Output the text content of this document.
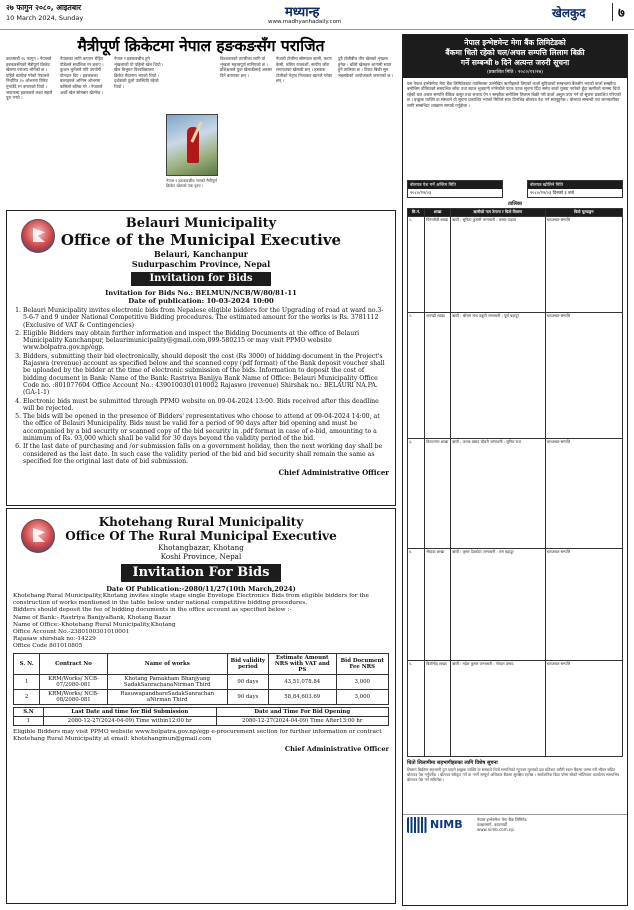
२७ फागुन २०८०, आइतबार
10 March 2024, Sunday	मध्यान्ह
www.madhyanhadaily.com
खेलकुद	७
मैत्रीपूर्ण क्रिकेटमा नेपाल हङकङसँग पराजित
काठमाडौं २६ फागुन । नेपालले हङकङसँगको मैत्रीपूर्ण क्रिकेट खेलमा पराजय भोगेको छ । पहिले ब्याटिङ गरेको नेपालले निर्धारित २० ओभरमा विकेट गुमाउँदै रन बनाएको थियो । जवाफमा हङकङले लक्ष्य सहजै पूरा गर्‍यो ।
नेपालका लागि कप्तान रोहित पौडेलले सर्वाधिक रन बनाए । कुशल भुर्तेलले पनि उपयोगी योगदान दिए । हङकङका बलरहरुले अन्तिम ओभरमा कसिलो बलिङ गरे । नेपालले अर्को खेल सोमबार खेल्नेछ ।
नेपाल र हङकङबीच हुने शृंखलाको यो पहिलो खेल थियो । खेल त्रिभुवन विश्वविद्यालय क्रिकेट मैदानमा भएको थियो । दर्शकको ठूलो उपस्थिति रहेको थियो ।
विश्वकपको तयारीका लागि यो शृंखला महत्त्वपूर्ण मानिएको छ । प्रशिक्षकले युवा खेलाडीलाई अवसर दिने बताएका छन् ।
नेपाली टोलीमा सोमपाल कामी, करण केसी, ललित राजवंशी, सन्दीप जोरा लगायतका खेलाडी छन् । हङकङ टोलीको नेतृत्व निजाकत खानले गरेका छन् ।
दुवै टोलीबीच तीन खेलको शृंखला हुनेछ । बाँकी खेलहरु आगामी साता हुने तालिका छ । टिकट बिक्री सुरु भइसकेको आयोजकले जनाएको छ ।
नेपाल र हङकङबीच भएको मैत्रीपूर्ण क्रिकेट खेलको एक दृश्य ।
Belauri Municipality
Office of the Municipal Executive
Belauri, Kanchanpur
Sudurpaschim Province, Nepal
Invitation for Bids
Invitation for Bids No.: BELMUN/NCB/W/80/81-11
Date of publication: 10-03-2024 10:00
1. Belauri Municipality invites electronic bids from Nepalese eligible bidders for the Upgrading of road at ward no.3-5-6-7 and 9 under National Competitive Bidding procedures. The estimated amount for the works is Rs. 3781112 (Exclusive of VAT & Contingencies)
2. Eligible Bidders may obtain further information and inspect the Bidding Documents at the office of Belauri Municipality Kanchanpur, belaurimunicipality@gmail.com,099-580215 or may visit PPMO website www.bolpatra.gov.np/egp.
3. Bidders, submitting their bid electronically, should deposit the cost (Rs 3000) of bidding document in the Project's Rajaswa (revenue) account as specified below and the scanned copy (pdf format) of the Bank deposit voucher shall be uploaded by the bidder at the time of electronic submission of the bids. Information to deposit the cost of bidding document in Bank: Name of the Bank: Rastriya Banijya Bank Name of Office: Belauri Municipality Office Code no. :801077604 Office Account No.: 4390100301010002 Rajaswo (revenue) Shirshak no.: BELAURI NA.PA. (GA-1-1)
4. Electronic bids must be submitted through PPMO website on 09-04-2024 13:00. Bids received after this deadline will be rejected.
5. The bids will be opened in the presence of Bidders' representatives who choose to attend at 09-04-2024 14:00, at the office of Belauri Municipality. Bids must be valid for a period of 90 days after bid opening and must be accompanied by a bid security or scanned copy of the bid security in .pdf format in case of e-bid, amounting to a minimum of Rs. 93,000 which shall be valid for 30 days beyond the validity period of the bid.
6. If the last date of purchasing and /or submission falls on a government holiday, then the next working day shall be considered as the last date. In such case the validity period of the bid and bid security shall remain the same as specified for the original last date of bid submission.
Chief Administrative Officer
Khotehang Rural Municipality
Office Of The Rural Municipal Executive
Khotangbazar, Khotang
Koshi Province, Nepal
Invitation For Bids
Date Of Publication:-2080/11/27(10th March,2024)
Khotehang Rural Municipality,Khotang invites single stage single Envelope Electronics Bids from eligible bidders for the construction of works mentioned in the table below under national competitive bidding procedures.
Bidders should deposit the fee of bidding documents in the office account as specified below :-
Name of Bank:- Rastriya BanijyaBank, Khotang Bazar
Name of Office:-Khotehang Rural Municipality,Khotang
Office Account No.-2380100301010001
Rajasaw shirshak no:-14229
Office Code 801010805
S. N.	Contract No	Name of works	Bid validity period	Estimate Amount NRS with VAT and PS	Bid Document Fee NRS
1	KRM/Works/ NCB-07/2080-081	Khotang Pamakham Bhanjyang SadakSanrachanaNirman Third	90 days	43,51,078.84	3,000
2	KRM/Works/ NCB-08/2080-081	RasuwapandhareSadakSanrachan aNirman Third	90 days	58,84,603.69	3,000
S.N	Last Date and time for Bid Submission	Date and Time For Bid Opening
1	2080-12-27(2024-04-09) Time within12:00 hr	2080-12-27(2024-04-09) Time After13:00 hr
Eligible Bidders may visit PPMO website www.bolpatra.gov.np/egp e-procurement section for further information or contract Khotehang Rural Municipality at email: khotehangmun@gmail.com
Chief Administrative Officer
नेपाल इन्भेष्टमेन्ट मेगा बैंक लिमिटेडको
बैंकमा धितो रहेको चल/अचल सम्पत्ति लिलाम बिक्री
गर्ने सम्बन्धी ७ दिने अत्यन्त जरुरी सूचना
(प्रकाशित मिति : २०८०/११/२७)
यस नेपाल इन्भेष्टमेन्ट मेगा बैंक लिमिटेडबाट तपसिलमा उल्लेखित ऋणीहरुले लिएको कर्जा सुविधाको सम्बन्धमा बैंकसँग भएको कर्जा सम्झौता बमोजिम तोकिएको समयभित्र साँवा तथा ब्याज भुक्तानी नगरेकोले पटक पटक सूचना दिँदा समेत कर्जा चुक्ता नगरेको हुँदा ऋणीको नाममा धितो रहेको चल अचल सम्पत्ति बैंकिङ कसुर तथा सजाय ऐन र सम्झौता बमोजिम लिलाम बिक्री गरी कर्जा असुल उपर गर्न यो सूचना प्रकाशित गरिएको छ । इच्छुक व्यक्ति वा संस्थाले यो सूचना प्रकाशित भएको मितिले सात दिनभित्र बोलपत्र पेश गर्न सक्नुहुनेछ । बोलपत्र सम्बन्धी थप जानकारीका लागि सम्बन्धित शाखामा सम्पर्क गर्नुहोला ।
बोलपत्र पेश गर्ने अन्तिम मिति
२०८०/१२/०३
बोलपत्र खोलिने मिति
२०८०/१२/०३ दिनको ३ बजे
तालिका
सि.नं.	शाखा	ऋणीको नाम ठेगाना र धितो विवरण	धितो मूल्याङ्कन
१.	चिरन्जीवी शाखा	ऋणी : सुनिता कुमारी जग्गाधनी : कमल दाहाल	चलअचल सम्पत्ति
२.	धनगढी शाखा	ऋणी : श्रीराम नाथ ठकुरी जग्गाधनी : पूर्ण बहादुर	चलअचल सम्पत्ति
३.	विराटनगर शाखा	ऋणी : जनक प्रसाद चौधरी जग्गाधनी : सुनिल राज	चलअचल सम्पत्ति
४.	भैरहवा शाखा	ऋणी : कृष्ण देवकोटा जग्गाधनी : राम बहादुर	चलअचल सम्पत्ति
५.	बिर्तामोड शाखा	ऋणी : महेश कुमार जग्गाधनी : गोपाल प्रसाद	चलअचल सम्पत्ति
धितो लिलामीमा सहभागीहरुका लागि विशेष सूचना
लिलाम बिक्रीमा सहभागी हुन चाहने इच्छुक व्यक्ति वा संस्थाले धितो सम्पत्तिको न्यूनतम मूल्यको दश प्रतिशत धरौटी रकम बैंकमा जम्मा गरी भौचर सहित बोलपत्र पेश गर्नुपर्नेछ । बोलपत्र स्वीकृत गर्ने वा नगर्ने सम्पूर्ण अधिकार बैंकमा सुरक्षित रहनेछ । सार्वजनिक बिदा परेमा सोको भोलिपल्ट कार्यालय समयभित्र बोलपत्र पेश गर्न सकिनेछ ।
NIMB	नेपाल इन्भेष्टमेन्ट मेगा बैंक लिमिटेड
दरबारमार्ग, काठमाडौं
www.nimb.com.np
